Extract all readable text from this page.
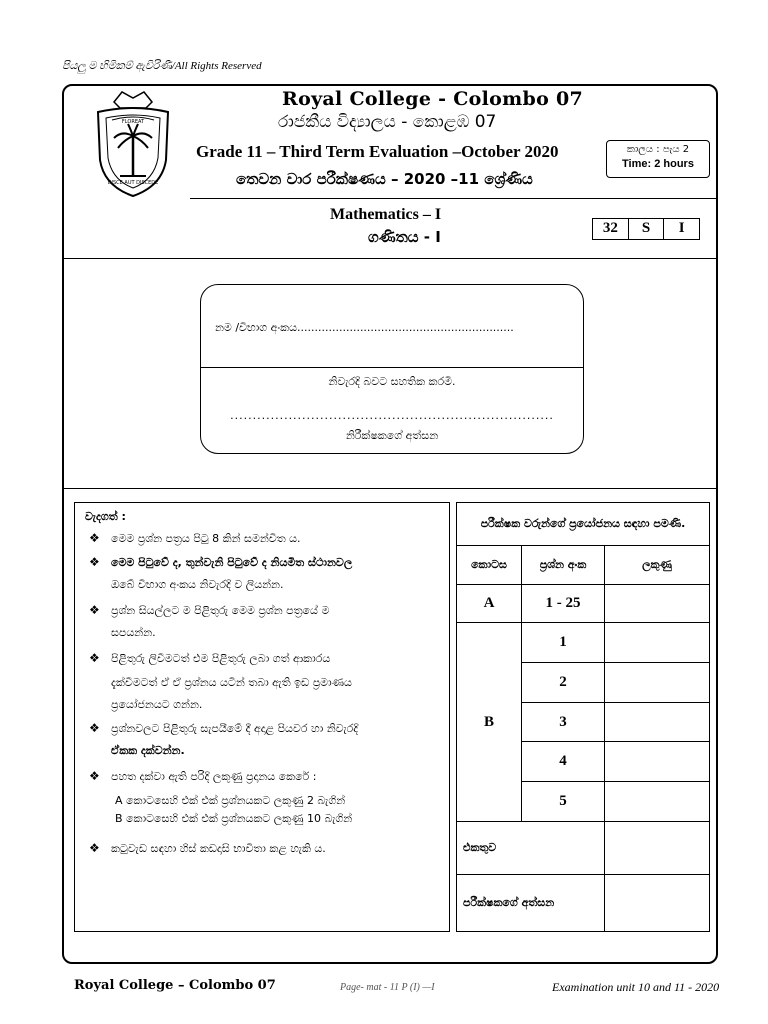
පියලු ම හිමිකම් ඇවිරිණී/All Rights Reserved
FLOREAT
DISCE AUT DISCEDE
Royal College - Colombo 07
රාජකීය විද්‍යාලය - කොළඹ 07
Grade 11 – Third Term Evaluation –October 2020	කාලය : පැය 2
Time: 2 hours
තෙවන වාර පරීක්ෂණය – 2020 –11 ශ්‍රේණිය
Mathematics – I
ගණිතය - I	32	S	I
නම /විභාග අංකය..............................................................
නිවැරදි බවට සහතික කරමි.
........................................................................
නිරීක්ෂකගේ අත්සන
වැදගත් :
❖ මෙම ප්‍රශ්න පත්‍රය පිටු 8 කින් සමන්විත ය.
❖ මෙම පිටුවේ ද, තුන්වැනි පිටුවේ ද නියමිත ස්ථානවල
ඔබේ විභාග අංකය නිවැරදි ව ලියන්න.
❖ ප්‍රශ්න සියල්ලට ම පිළිතුරු මෙම ප්‍රශ්න පත්‍රයේ ම
සපයන්න.
❖ පිළිතුරු ලිවීමටත් එම පිළිතුරු ලබා ගත් ආකාරය
දැක්වීමටත් ඒ ඒ ප්‍රශ්නය යටින් තබා ඇති ඉඩ ප්‍රමාණය
ප්‍රයෝජනයට ගන්න.
❖ ප්‍රශ්නවලට පිළිතුරු සැපයීමේ දී අදාළ පියවර හා නිවැරදි
ඒකක දක්වන්න.
❖ පහත දක්වා ඇති පරිදි ලකුණු ප්‍රදානය කෙරේ :
A කොටසෙහි එක් එක් ප්‍රශ්නයකට ලකුණු 2 බැගින්
B කොටසෙහි එක් එක් ප්‍රශ්නයකට ලකුණු 10 බැගින්
❖ කටුවැඩ සඳහා හිස් කඩදාසි භාවිතා කළ හැකි ය.
පරීක්ෂක වරුන්ගේ ප්‍රයෝජනය සඳහා පමණි.		
කොටස	ප්‍රශ්න අංක	ලකුණු
A	1 - 25	
B	1	
	2	
	3	
	4	
	5	
එකතුව		
පරීක්ෂකගේ අත්සන		
Royal College – Colombo 07	Page- mat - 11 P (I) —I	Examination unit 10 and 11 - 2020
